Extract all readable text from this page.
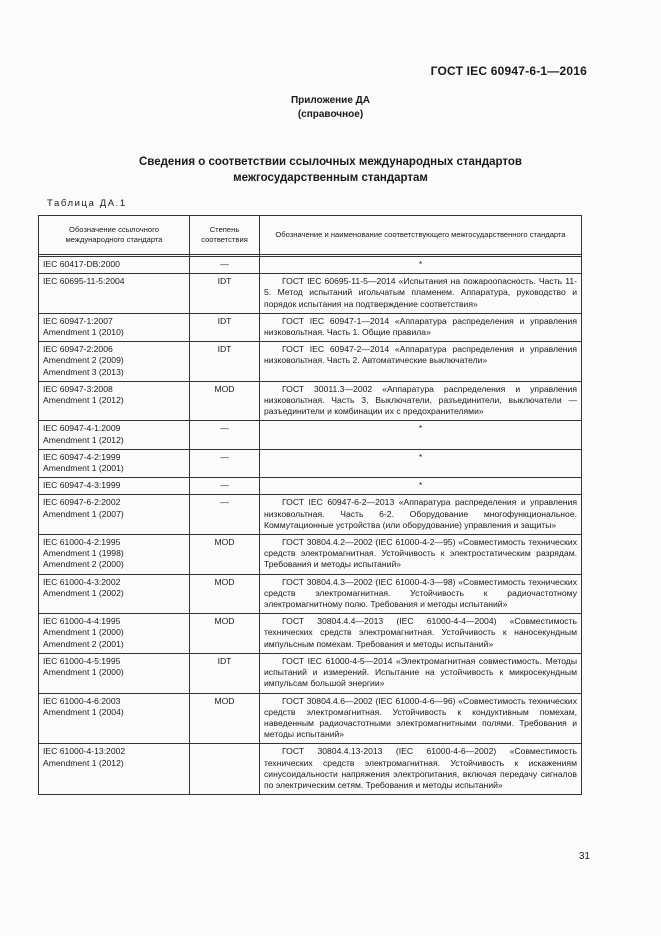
ГОСТ IEC 60947-6-1—2016
Приложение ДА
(справочное)
Сведения о соответствии ссылочных международных стандартов
межгосударственным стандартам
Таблица ДА.1
Обозначение ссылочного международного стандарта	Степень соответствия	Обозначение и наименование соответствующего межгосударственного стандарта

IEC 60417-DB:2000	—	*
IEC 60695-11-5:2004	IDT	ГОСТ IEC 60695-11-5—2014 «Испытания на пожароопасность. Часть 11-5. Метод испытаний игольчатым пламенем. Аппаратура, руководство и порядок испытания на подтверждение соответствия»
IEC 60947-1:2007
Amendment 1 (2010)	IDT	ГОСТ IEC 60947-1—2014 «Аппаратура распределения и управления низковольтная. Часть 1. Общие правила»
IEC 60947-2:2006
Amendment 2 (2009)
Amendment 3 (2013)	IDT	ГОСТ IEC 60947-2—2014 «Аппаратура распределения и управления низковольтная. Часть 2. Автоматические выключатели»
IEC 60947-3:2008
Amendment 1 (2012)	MOD	ГОСТ 30011.3—2002 «Аппаратура распределения и управления низковольтная. Часть 3, Выключатели, разъединители, выключатели — разъединители и комбинации их с предохранителями»
IEC 60947-4-1:2009
Amendment 1 (2012)	—	*
IEC 60947-4-2:1999
Amendment 1 (2001)	—	*
IEC 60947-4-3:1999	—	*
IEC 60947-6-2:2002
Amendment 1 (2007)	—	ГОСТ IEC 60947-6-2—2013 «Аппаратура распределения и управления низковольтная. Часть 6-2. Оборудование многофункциональное. Коммутационные устройства (или оборудование) управления и защиты»
IEC 61000-4-2:1995
Amendment 1 (1998)
Amendment 2 (2000)	MOD	ГОСТ 30804.4.2—2002 (IEC 61000-4-2—95) «Совместимость технических средств электромагнитная. Устойчивость к электростатическим разрядам. Требования и методы испытаний»
IEC 61000-4-3:2002
Amendment 1 (2002)	MOD	ГОСТ 30804.4.3—2002 (IEC 61000-4-3—98) «Совместимость технических средств электромагнитная. Устойчивость к радиочастотному электромагнитному полю. Требования и методы испытаний»
IEC 61000-4-4:1995
Amendment 1 (2000)
Amendment 2 (2001)	MOD	ГОСТ 30804.4.4—2013 (IEC 61000-4-4—2004) «Совместимость технических средств электромагнитная. Устойчивость к наносекундным импульсным помехам. Требования и методы испытаний»
IEC 61000-4-5:1995
Amendment 1 (2000)	IDT	ГОСТ IEC 61000-4-5—2014 «Электромагнитная совместимость. Методы испытаний и измерений. Испытание на устойчивость к микросекундным импульсам большой энергии»
IEC 61000-4-6:2003
Amendment 1 (2004)	MOD	ГОСТ 30804.4.6—2002 (IEC 61000-4-6—96) «Совместимость технических средств электромагнитная. Устойчивость к кондуктивным помехам, наведенным радиочастотными электромагнитными полями. Требования и методы испытаний»
IEC 61000-4-13:2002
Amendment 1 (2012)		ГОСТ 30804.4.13-2013 (IEC 61000-4-6—2002) «Совместимость технических средств электромагнитная. Устойчивость к искажениям синусоидальности напряжения электропитания, включая передачу сигналов по электрическим сетям. Требования и методы испытаний»
31
